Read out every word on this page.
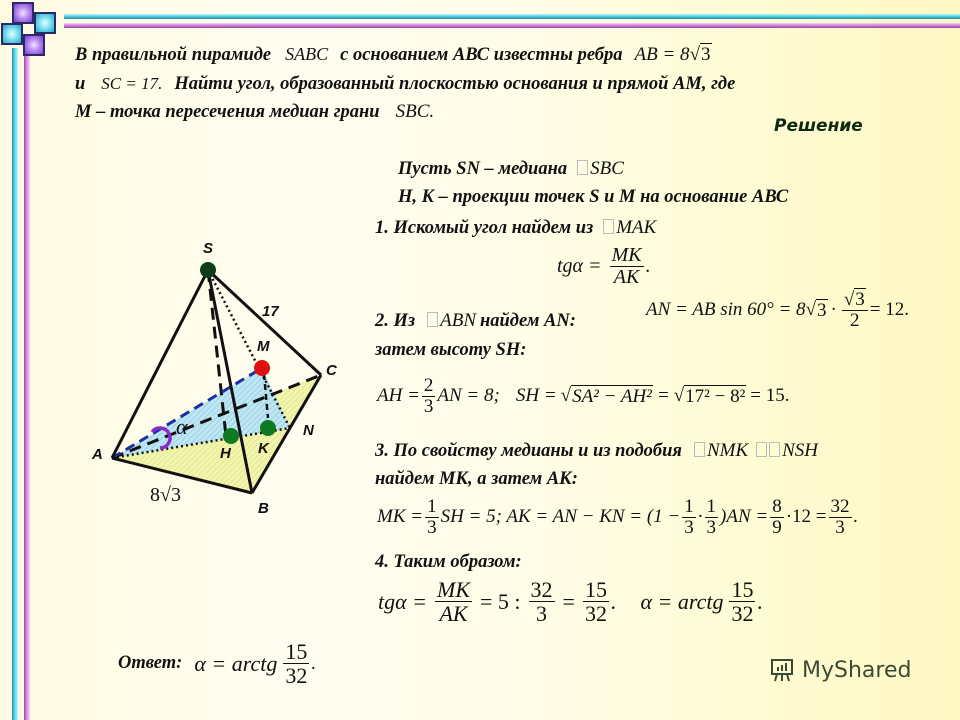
В правильной пирамиде SABC с основанием АВС известны ребра AB = 8√3
и SC = 17. Найти угол, образованный плоскостью основания и прямой АМ, где
М – точка пересечения медиан грани SBC.
Решение
Пусть SN – медиана SBC
H, K – проекции точек S и M на основание АВС
1. Искомый угол найдем из MAK
$tg\alpha = \frac{MK}{AK}$ .
2. Из	ABN найдем AN:
AN = AB sin 60° = 8 √ $3 \cdot \frac{√3}{2} = 12$.
затем высоту SH:
AH = $\frac{2}{3}$ AN = 8; SH = √ SA² − AH² = √ 17² − 8² = 15.
3. По свойству медианы и из подобия	NMK	NSH
найдем МК, а затем АК:
MK = $\frac{1}{3}$ SH = 5; AK = AN − KN = $(1 - \frac{1}{3} \cdot \frac{1}{3} )AN = \frac{8}{9} \cdot 12 = \frac{32}{3}$ .
4. Таким образом:
$tg\alpha = \frac{MK}{AK} = 5$ : $\frac{32}{3} = \frac{15}{32}$ . α = arctg $\frac{15}{32}$ .
Ответ: α = arctg $\frac{15}{32}$ .
S
A
B
C
M
H K
N
17
8√3
α
MyShared
